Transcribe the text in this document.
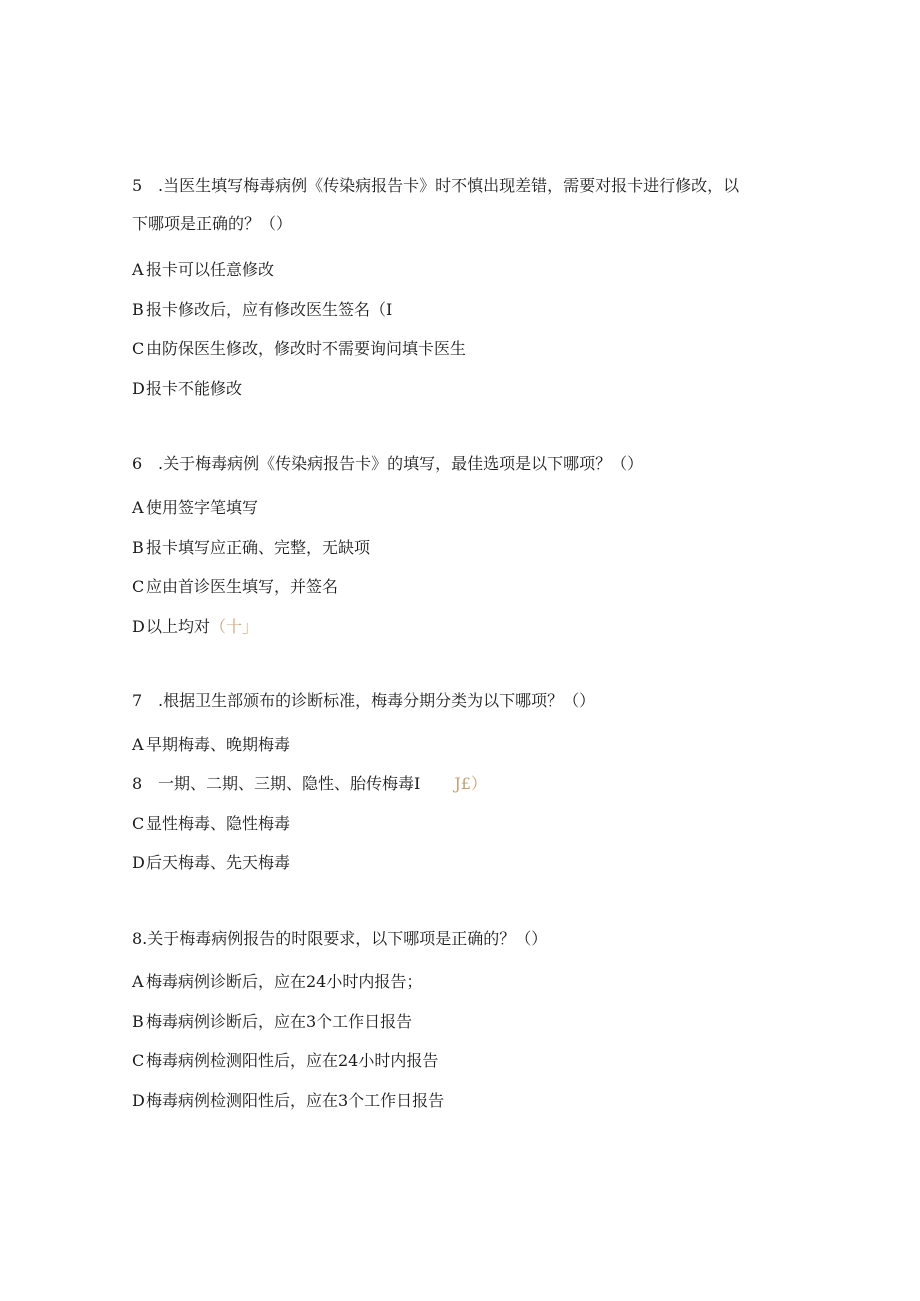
5 .当医生填写梅毒病例《传染病报告卡》时不慎出现差错，需要对报卡进行修改，以
下哪项是正确的？（）
A 报卡可以任意修改
B 报卡修改后，应有修改医生签名（I
C 由防保医生修改，修改时不需要询问填卡医生
D报卡不能修改
6 .关于梅毒病例《传染病报告卡》的填写，最佳选项是以下哪项？（）
A 使用签字笔填写
B 报卡填写应正确、完整，无缺项
C 应由首诊医生填写，并签名
D以上均对（十」
7 .根据卫生部颁布的诊断标准，梅毒分期分类为以下哪项？（）
A 早期梅毒、晚期梅毒
8 一期、二期、三期、隐性、胎传梅毒I J£）
C 显性梅毒、隐性梅毒
D后天梅毒、先天梅毒
8.关于梅毒病例报告的时限要求，以下哪项是正确的？（）
A 梅毒病例诊断后，应在24小时内报告；
B 梅毒病例诊断后，应在3个工作日报告
C 梅毒病例检测阳性后，应在24小时内报告
D梅毒病例检测阳性后，应在3个工作日报告
